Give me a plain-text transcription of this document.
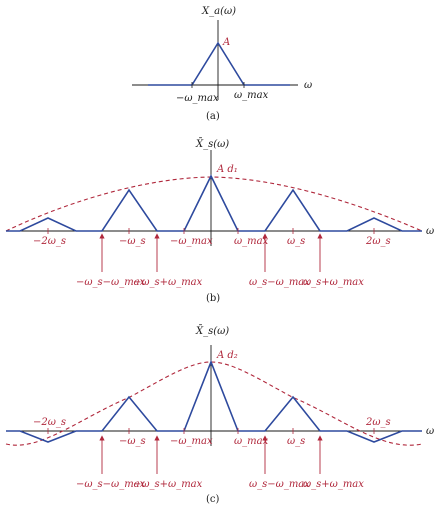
X_a(ω)
A
ω
−ω_max ω_max
(a)
X̄_s(ω)
A d₁
ω
−2ω_s	−ω_s −ω_max ω_max ω_s	2ω_s
−ω_s−ω_max
−ω_s+ω_max	ω_s−ω_max
ω_s+ω_max
(b)
X̄_s(ω)
A d₂
ω
−2ω_s
−ω_s −ω_max ω_max ω_s
2ω_s
−ω_s−ω_max
−ω_s+ω_max	ω_s−ω_max
ω_s+ω_max
(c)
